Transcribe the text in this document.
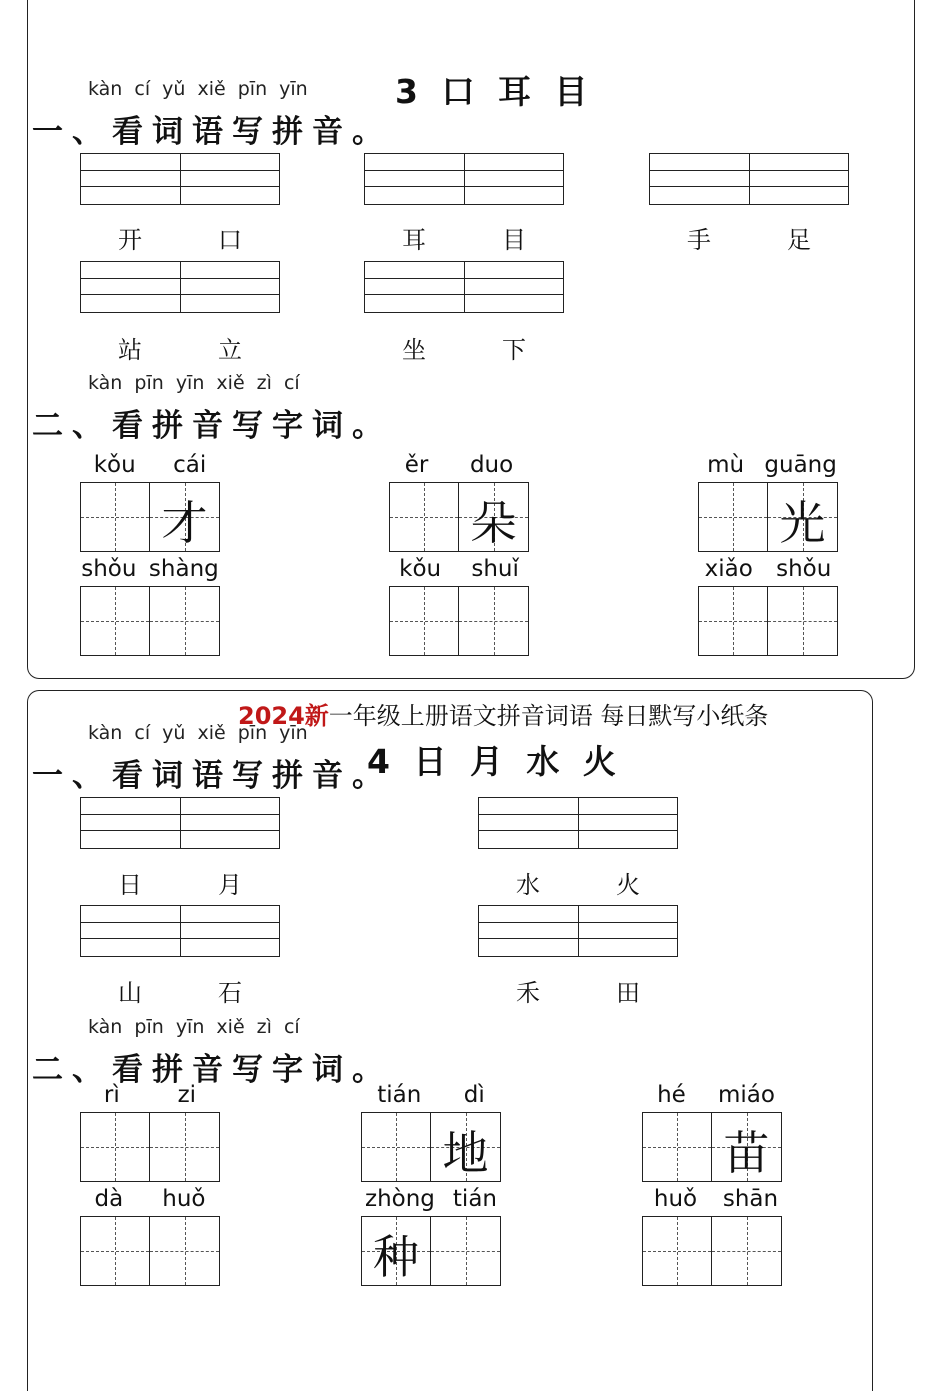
kàn cí yǔ xiě pīn yīn	3 口 耳 目
一、看词语写拼音。
开	口	耳	目	手	足
站	立	坐	下
kàn pīn yīn xiě zì cí
二、看拼音写字词。
kǒu cái
才
ěr duo
朵
mù guāng
光
shǒu shàng	kǒu shuǐ	xiǎo shǒu
2024新一年级上册语文拼音词语 每日默写小纸条
kàn cí yǔ xiě pīn yīn
4 日 月 水 火
一、看词语写拼音。
日	月	水	火
山	石	禾	田
kàn pīn yīn xiě zì cí
二、看拼音写字词。
rì	zi	tián dì
地
hé miáo
苗
dà huǒ	zhòng tián
种
huǒ shān
